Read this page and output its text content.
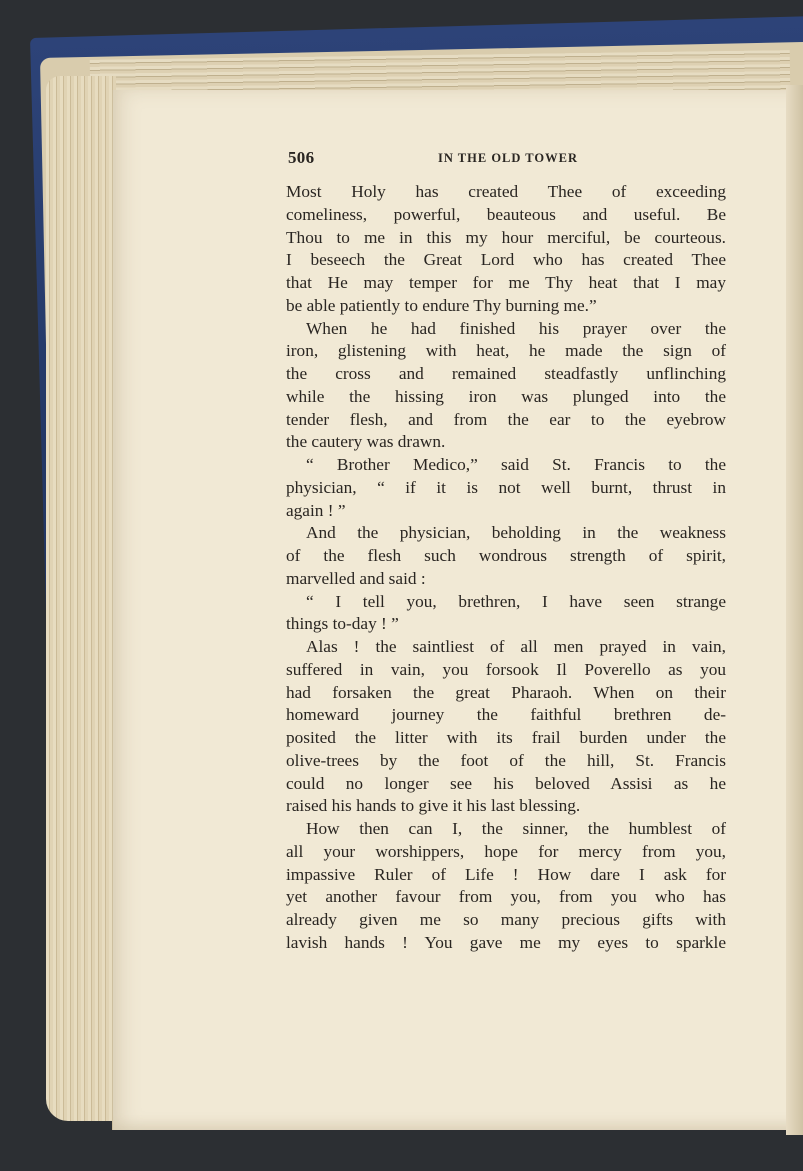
506	IN THE OLD TOWER
Most Holy has created Thee of exceeding
comeliness, powerful, beauteous and useful. Be
Thou to me in this my hour merciful, be courteous.
I beseech the Great Lord who has created Thee
that He may temper for me Thy heat that I may
be able patiently to endure Thy burning me.”
When he had finished his prayer over the
iron, glistening with heat, he made the sign of
the cross and remained steadfastly unflinching
while the hissing iron was plunged into the
tender flesh, and from the ear to the eyebrow
the cautery was drawn.
“ Brother Medico,” said St. Francis to the
physician, “ if it is not well burnt, thrust in
again ! ”
And the physician, beholding in the weakness
of the flesh such wondrous strength of spirit,
marvelled and said :
“ I tell you, brethren, I have seen strange
things to-day ! ”
Alas ! the saintliest of all men prayed in vain,
suffered in vain, you forsook Il Poverello as you
had forsaken the great Pharaoh. When on their
homeward journey the faithful brethren de-
posited the litter with its frail burden under the
olive-trees by the foot of the hill, St. Francis
could no longer see his beloved Assisi as he
raised his hands to give it his last blessing.
How then can I, the sinner, the humblest of
all your worshippers, hope for mercy from you,
impassive Ruler of Life ! How dare I ask for
yet another favour from you, from you who has
already given me so many precious gifts with
lavish hands ! You gave me my eyes to sparkle
